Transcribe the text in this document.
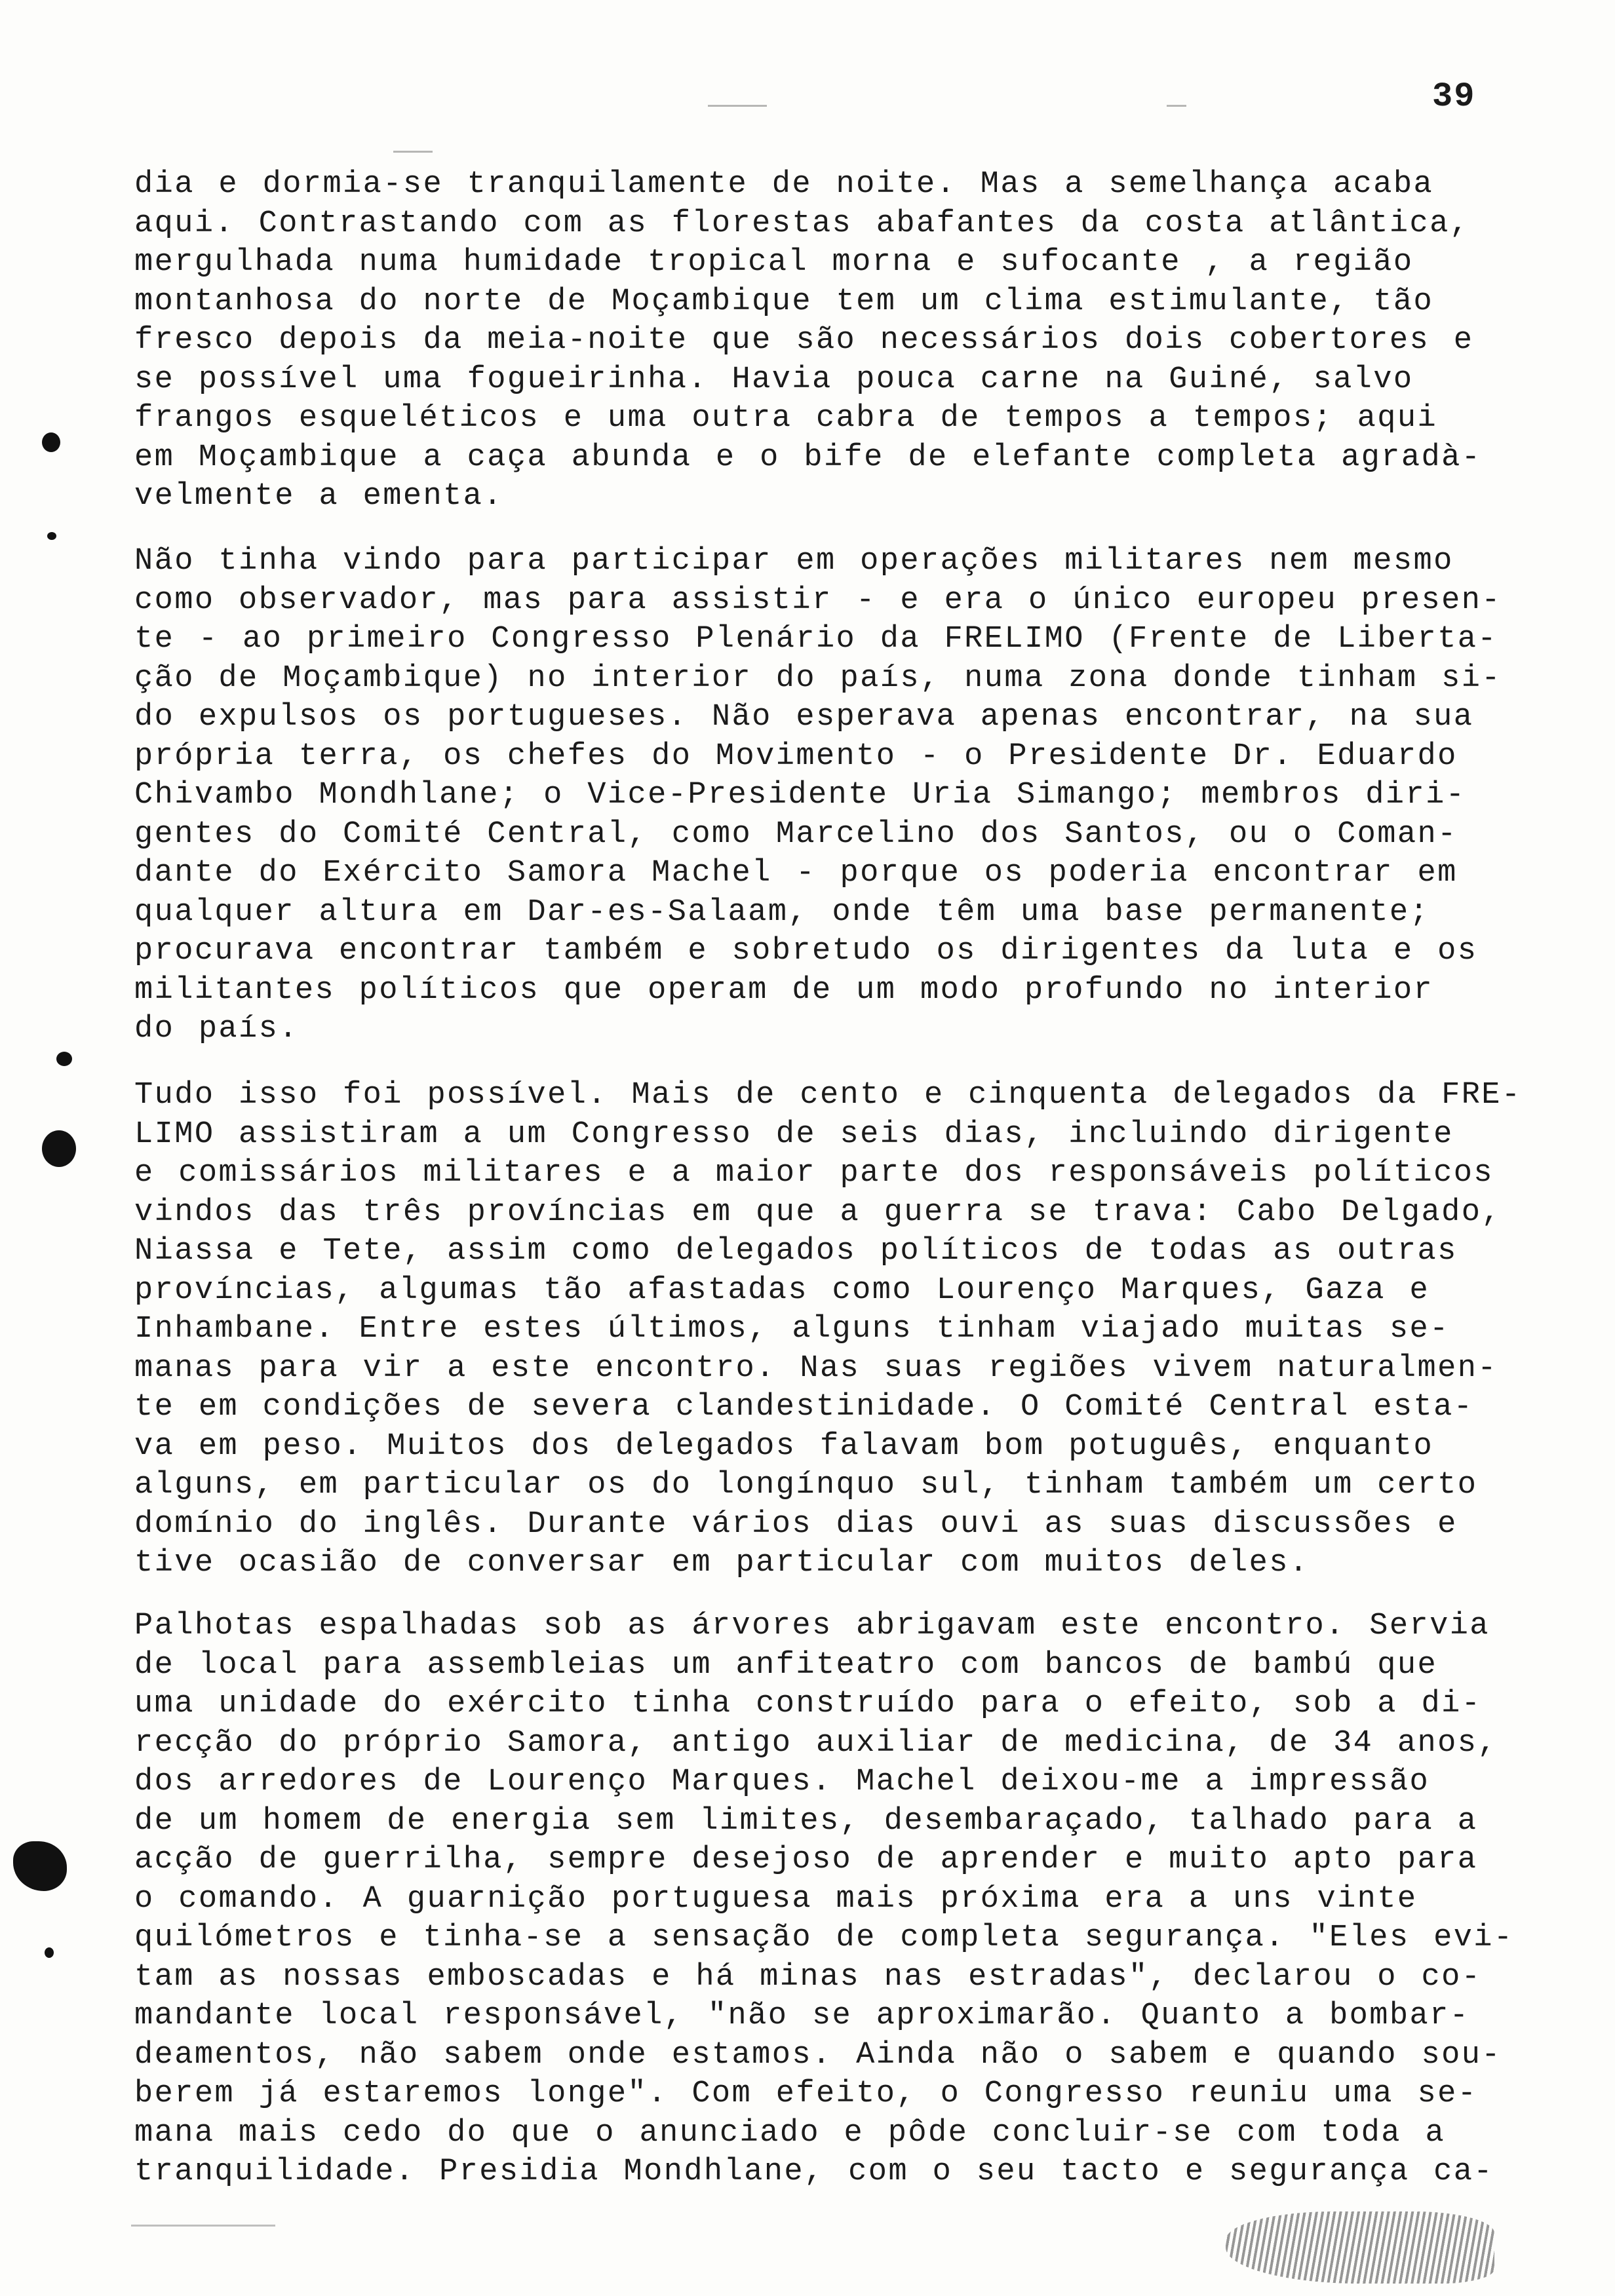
39
dia e dormia-se tranquilamente de noite. Mas a semelhança acaba
aqui. Contrastando com as florestas abafantes da costa atlântica,
mergulhada numa humidade tropical morna e sufocante , a região
montanhosa do norte de Moçambique tem um clima estimulante, tão
fresco depois da meia-noite que são necessários dois cobertores e
se possível uma fogueirinha. Havia pouca carne na Guiné, salvo
frangos esqueléticos e uma outra cabra de tempos a tempos; aqui
em Moçambique a caça abunda e o bife de elefante completa agradà-
velmente a ementa.
Não tinha vindo para participar em operações militares nem mesmo
como observador, mas para assistir - e era o único europeu presen-
te - ao primeiro Congresso Plenário da FRELIMO (Frente de Liberta-
ção de Moçambique) no interior do país, numa zona donde tinham si-
do expulsos os portugueses. Não esperava apenas encontrar, na sua
própria terra, os chefes do Movimento - o Presidente Dr. Eduardo
Chivambo Mondhlane; o Vice-Presidente Uria Simango; membros diri-
gentes do Comité Central, como Marcelino dos Santos, ou o Coman-
dante do Exército Samora Machel - porque os poderia encontrar em
qualquer altura em Dar-es-Salaam, onde têm uma base permanente;
procurava encontrar também e sobretudo os dirigentes da luta e os
militantes políticos que operam de um modo profundo no interior
do país.
Tudo isso foi possível. Mais de cento e cinquenta delegados da FRE-
LIMO assistiram a um Congresso de seis dias, incluindo dirigente
e comissários militares e a maior parte dos responsáveis políticos
vindos das três províncias em que a guerra se trava: Cabo Delgado,
Niassa e Tete, assim como delegados políticos de todas as outras
províncias, algumas tão afastadas como Lourenço Marques, Gaza e
Inhambane. Entre estes últimos, alguns tinham viajado muitas se-
manas para vir a este encontro. Nas suas regiões vivem naturalmen-
te em condições de severa clandestinidade. O Comité Central esta-
va em peso. Muitos dos delegados falavam bom potuguês, enquanto
alguns, em particular os do longínquo sul, tinham também um certo
domínio do inglês. Durante vários dias ouvi as suas discussões e
tive ocasião de conversar em particular com muitos deles.
Palhotas espalhadas sob as árvores abrigavam este encontro. Servia
de local para assembleias um anfiteatro com bancos de bambú que
uma unidade do exército tinha construído para o efeito, sob a di-
recção do próprio Samora, antigo auxiliar de medicina, de 34 anos,
dos arredores de Lourenço Marques. Machel deixou-me a impressão
de um homem de energia sem limites, desembaraçado, talhado para a
acção de guerrilha, sempre desejoso de aprender e muito apto para
o comando. A guarnição portuguesa mais próxima era a uns vinte
quilómetros e tinha-se a sensação de completa segurança. "Eles evi-
tam as nossas emboscadas e há minas nas estradas", declarou o co-
mandante local responsável, "não se aproximarão. Quanto a bombar-
deamentos, não sabem onde estamos. Ainda não o sabem e quando sou-
berem já estaremos longe". Com efeito, o Congresso reuniu uma se-
mana mais cedo do que o anunciado e pôde concluir-se com toda a
tranquilidade. Presidia Mondhlane, com o seu tacto e segurança ca-
